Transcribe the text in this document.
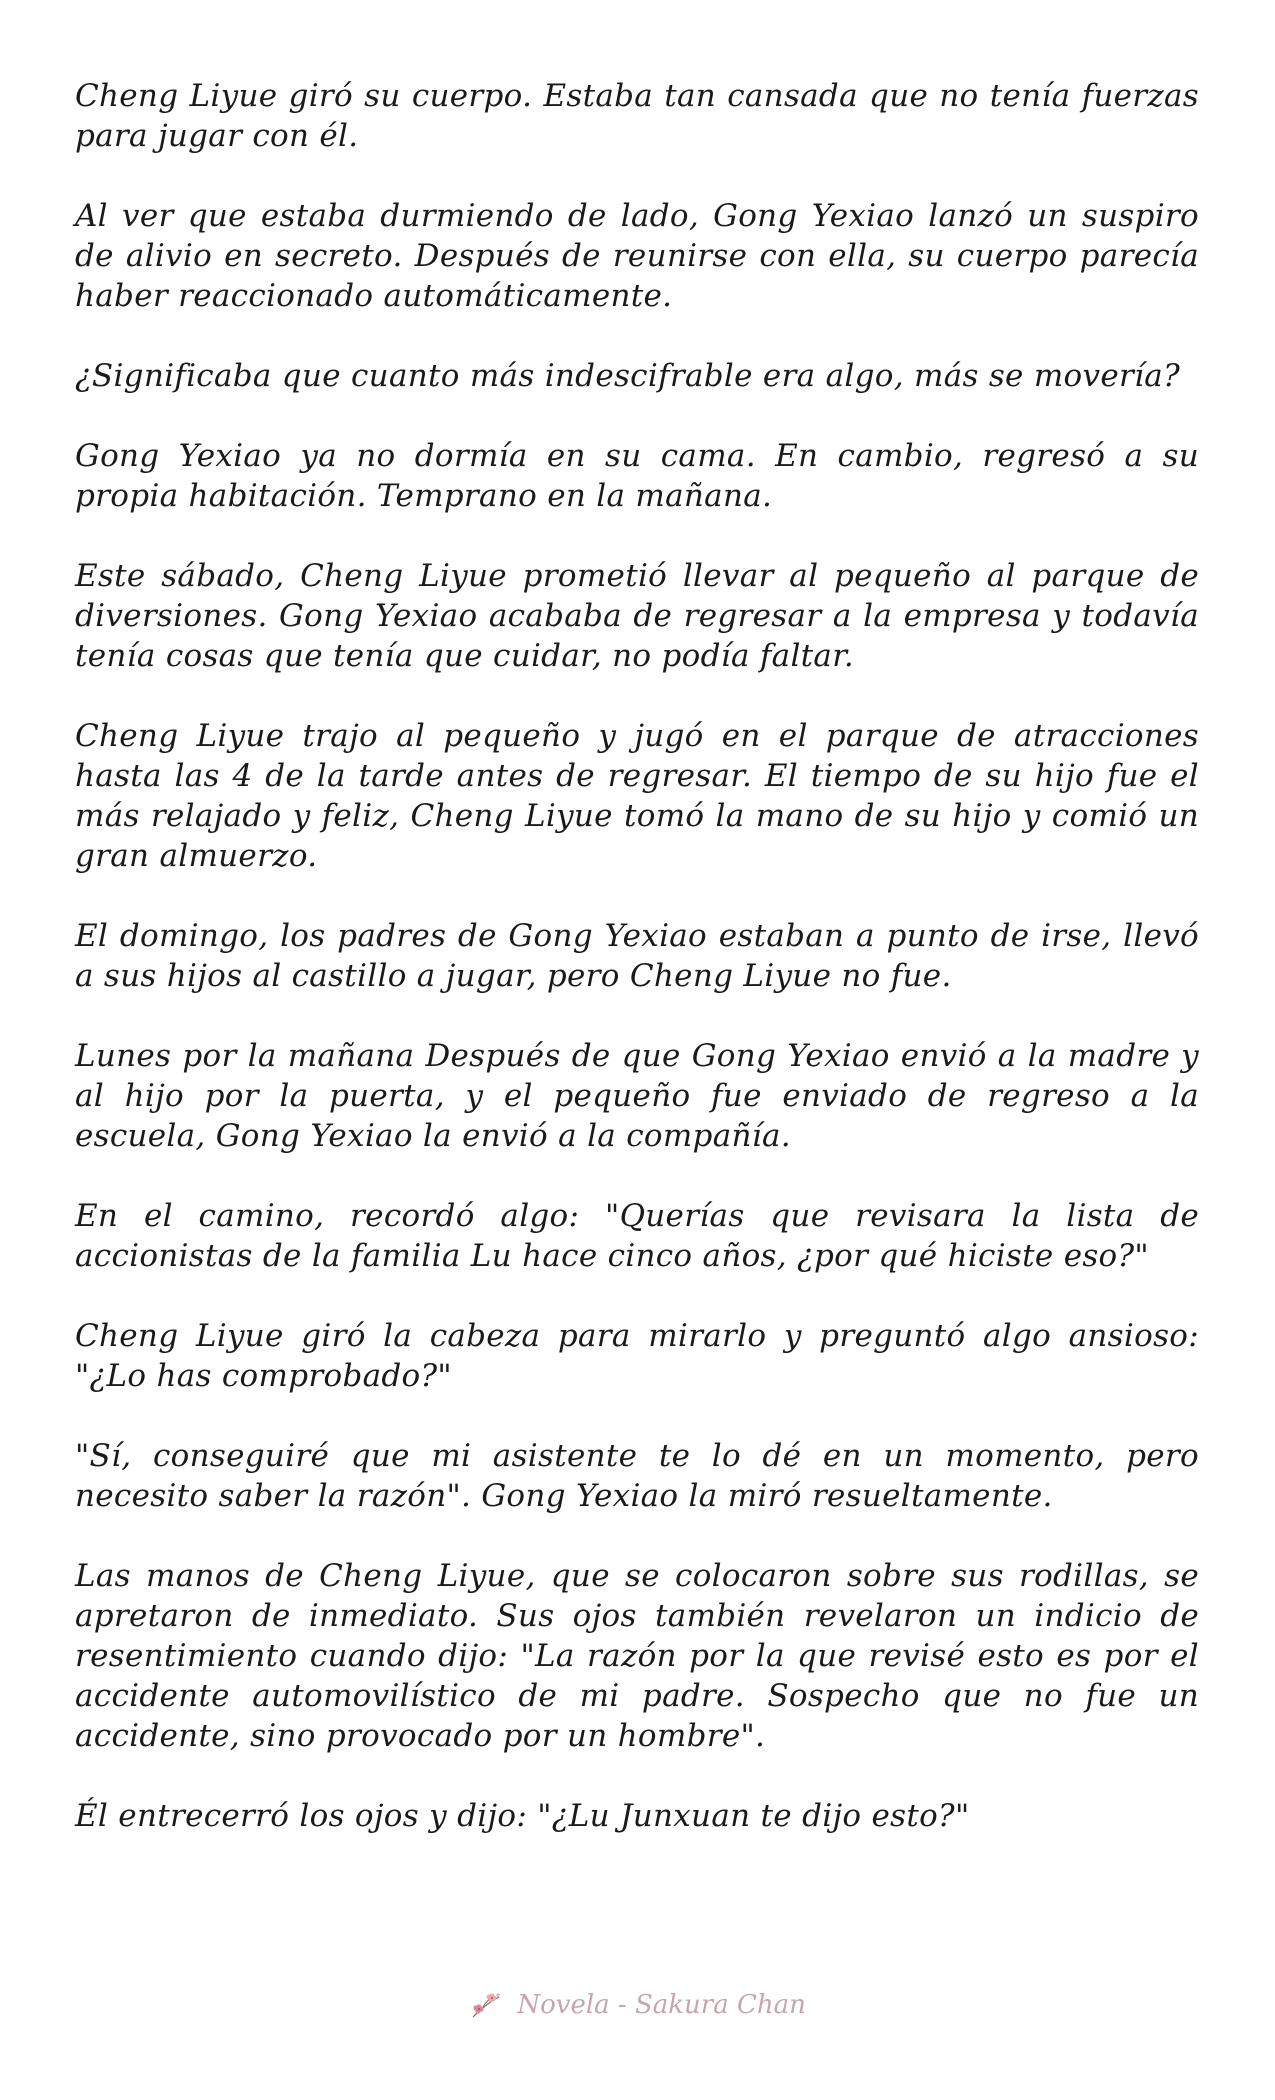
Cheng Liyue giró su cuerpo. Estaba tan cansada que no tenía fuerzas para jugar con él.

Al ver que estaba durmiendo de lado, Gong Yexiao lanzó un suspiro de alivio en secreto. Después de reunirse con ella, su cuerpo parecía haber reaccionado automáticamente.

¿Significaba que cuanto más indescifrable era algo, más se movería?

Gong Yexiao ya no dormía en su cama. En cambio, regresó a su propia habitación. Temprano en la mañana.

Este sábado, Cheng Liyue prometió llevar al pequeño al parque de diversiones. Gong Yexiao acababa de regresar a la empresa y todavía tenía cosas que tenía que cuidar, no podía faltar.

Cheng Liyue trajo al pequeño y jugó en el parque de atracciones hasta las 4 de la tarde antes de regresar. El tiempo de su hijo fue el más relajado y feliz, Cheng Liyue tomó la mano de su hijo y comió un gran almuerzo.

El domingo, los padres de Gong Yexiao estaban a punto de irse, llevó a sus hijos al castillo a jugar, pero Cheng Liyue no fue.

Lunes por la mañana Después de que Gong Yexiao envió a la madre y al hijo por la puerta, y el pequeño fue enviado de regreso a la escuela, Gong Yexiao la envió a la compañía.

En el camino, recordó algo: "Querías que revisara la lista de accionistas de la familia Lu hace cinco años, ¿por qué hiciste eso?"

Cheng Liyue giró la cabeza para mirarlo y preguntó algo ansioso: "¿Lo has comprobado?"

"Sí, conseguiré que mi asistente te lo dé en un momento, pero necesito saber la razón". Gong Yexiao la miró resueltamente.

Las manos de Cheng Liyue, que se colocaron sobre sus rodillas, se apretaron de inmediato. Sus ojos también revelaron un indicio de resentimiento cuando dijo: "La razón por la que revisé esto es por el accidente automovilístico de mi padre. Sospecho que no fue un accidente, sino provocado por un hombre".

Él entrecerró los ojos y dijo: "¿Lu Junxuan te dijo esto?"

Novela - Sakura Chan
